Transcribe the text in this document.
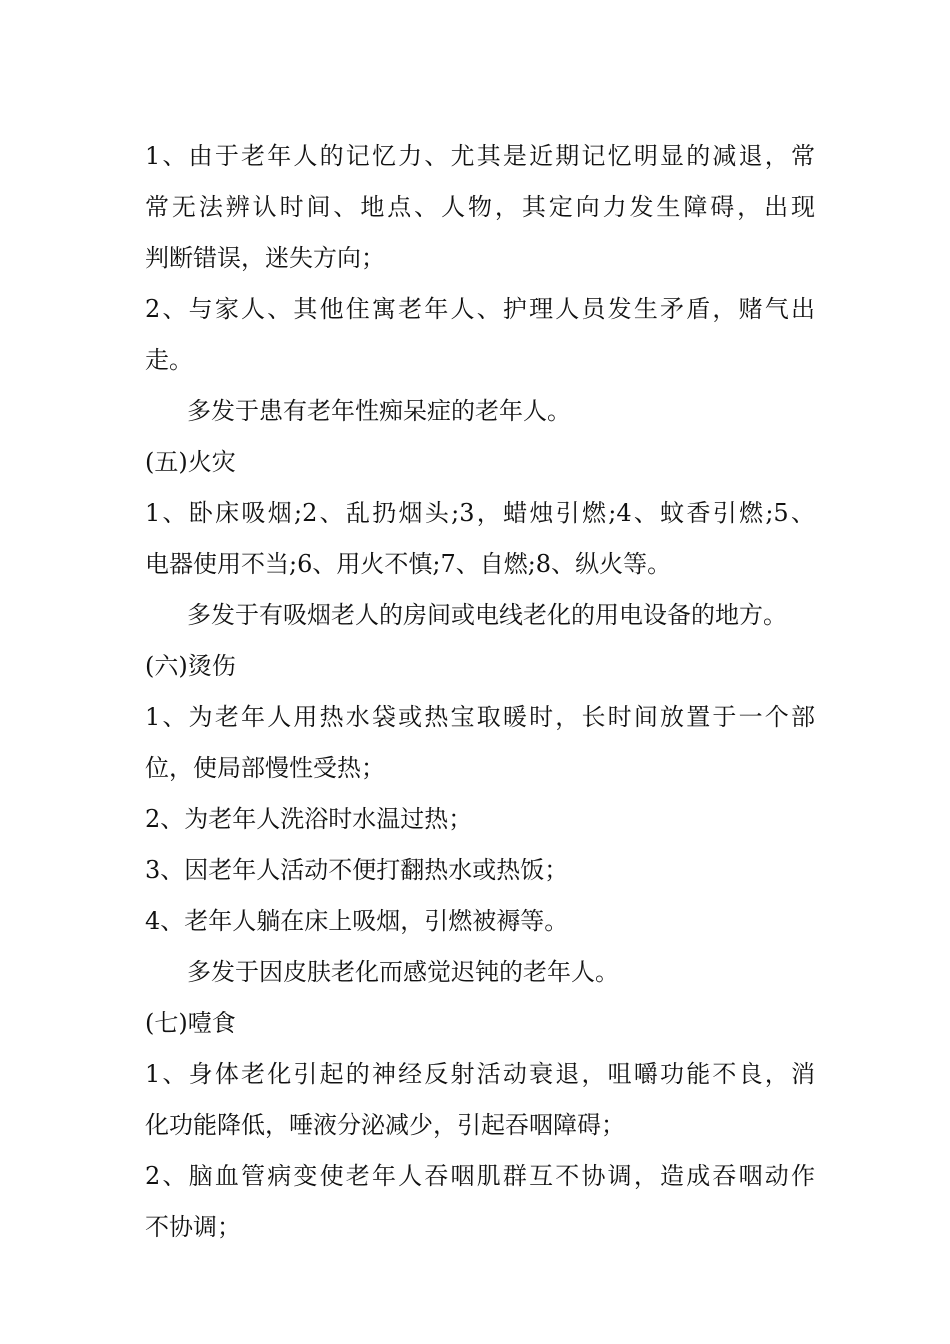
1、由于老年人的记忆力、尤其是近期记忆明显的减退，常
常无法辨认时间、地点、人物，其定向力发生障碍，出现
判断错误，迷失方向；
2、与家人、其他住寓老年人、护理人员发生矛盾，赌气出
走。
多发于患有老年性痴呆症的老年人。
(五)火灾
1、卧床吸烟;2、乱扔烟头;3，蜡烛引燃;4、蚊香引燃;5、
电器使用不当;6、用火不慎;7、自燃;8、纵火等。
多发于有吸烟老人的房间或电线老化的用电设备的地方。
(六)烫伤
1、为老年人用热水袋或热宝取暖时，长时间放置于一个部
位，使局部慢性受热；
2、为老年人洗浴时水温过热；
3、因老年人活动不便打翻热水或热饭；
4、老年人躺在床上吸烟，引燃被褥等。
多发于因皮肤老化而感觉迟钝的老年人。
(七)噎食
1、身体老化引起的神经反射活动衰退，咀嚼功能不良，消
化功能降低，唾液分泌减少，引起吞咽障碍；
2、脑血管病变使老年人吞咽肌群互不协调，造成吞咽动作
不协调；
